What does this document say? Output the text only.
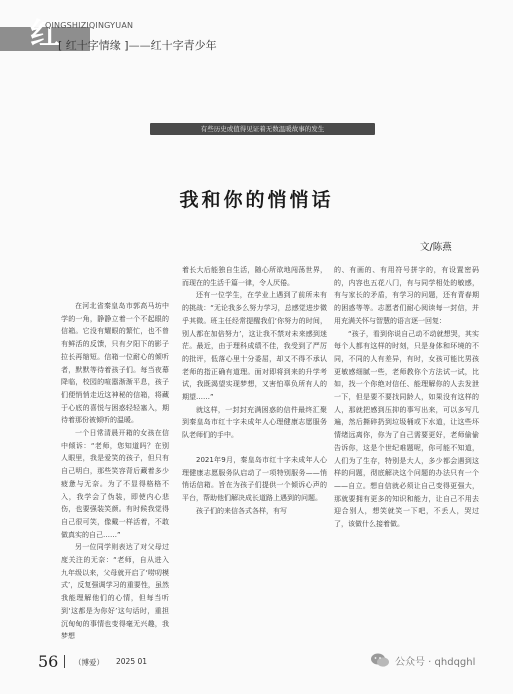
红
QINGSHIZIQINGYUAN
[ 红十字情缘 ]——红十字青少年
有些历史或值得见证着无数温暖故事的发生
我和你的悄悄话
文/陈燕

在河北省秦皇岛市郭高马坊中学的一角，静静立着一个不起眼的信箱。它没有耀眼的繁忙，也不曾有鲜活的反馈，只有夕阳下的影子拉长再缩短。信箱一位耐心的倾听者，默默等待着孩子们。每当夜幕降临，校园的喧嚣渐渐平息，孩子们便悄悄走近这神秘的信箱，将藏于心底的喜悦与困惑轻轻塞入，期待着那份被倾听的温暖。

一个日常清晨开箱的女孩在信中倾诉：“老师，您知道吗？在别人眼里，我是爱笑的孩子，但只有自己明白，那些笑容背后藏着多少疲惫与无奈。为了不显得格格不入，我学会了伪装，即使内心悲伤，也要强装笑颜。有时候我觉得自己很可笑，像戴一样活着，不敢做真实的自己……”

另一位同学则表达了对父母过度关注的无奈：“老师，自从进入九年级以来，父母就开启了‘唠叨模式’，反复强调学习的重要性，虽然我能理解他们的心情，但每当听到‘这都是为你好’这句话时，重担沉甸甸的事情也变得毫无兴趣，我梦想

着长大后能独自生活，随心所欲地闯荡世界，而现在的生活千篇一律，令人厌倦。

还有一位学生，在学业上遇到了前所未有的挑战：“无论我多么努力学习，总感觉进步微乎其微。班主任经常提醒我们‘你努力的时间，别人都在加倍努力’，这让我不禁对未来感到迷茫。最近，由于理科成绩不佳，我受到了严厉的批评，低落心里十分委屈，却又不得不承认老师的指正确有道理。面对即将到来的升学考试，我既渴望实现梦想，又害怕辜负所有人的期望……”

就这样，一封封充满困惑的信件最终汇聚到秦皇岛市红十字未成年人心理健康志愿服务队老师们的手中。

2021年9月，秦皇岛市红十字未成年人心理健康志愿服务队启动了一项特别服务——悄悄话信箱。旨在为孩子们提供一个倾诉心声的平台，帮助他们解决成长道路上遇到的问题。

孩子们的来信各式各样，有写

的、有画的、有用符号拼字的，有设置密码的，内容也五花八门，有与同学相处的敏感，有与家长的矛盾，有学习的问题，还有青春期的困惑等等。志愿者们耐心阅读每一封信，并用充满关怀与智慧的语言逐一回复：

“孩子，看到你说自己动不动就想哭，其实每个人都有这样的时刻，只是身体和环境的不同，不同的人有差异，有时，女孩可能比男孩更敏感细腻一些，老师教你个方法试一试，比如，找一个你绝对信任、能理解你的人去发泄一下，但是要不要找同龄人，如果没有这样的人，那就把感到压抑的事写出来，可以多写几遍，然后撕碎扔到垃圾桶或下水道，让这些坏情绪远离你，你为了自己需要更好，老师偷偷告诉你，这是个世纪难题呢，你可能不知道，人们为了生存，特别是大人，多少都会遇到这样的问题，彻底解决这个问题的办法只有一个——自立。想自信就必须让自己变得更强大，那就要拥有更多的知识和能力，让自己不用去迎合别人，想笑就笑一下吧，不丢人，哭过了，该做什么接着做。

56 （博爱） 2025 01	公众号 · qhdqghl
